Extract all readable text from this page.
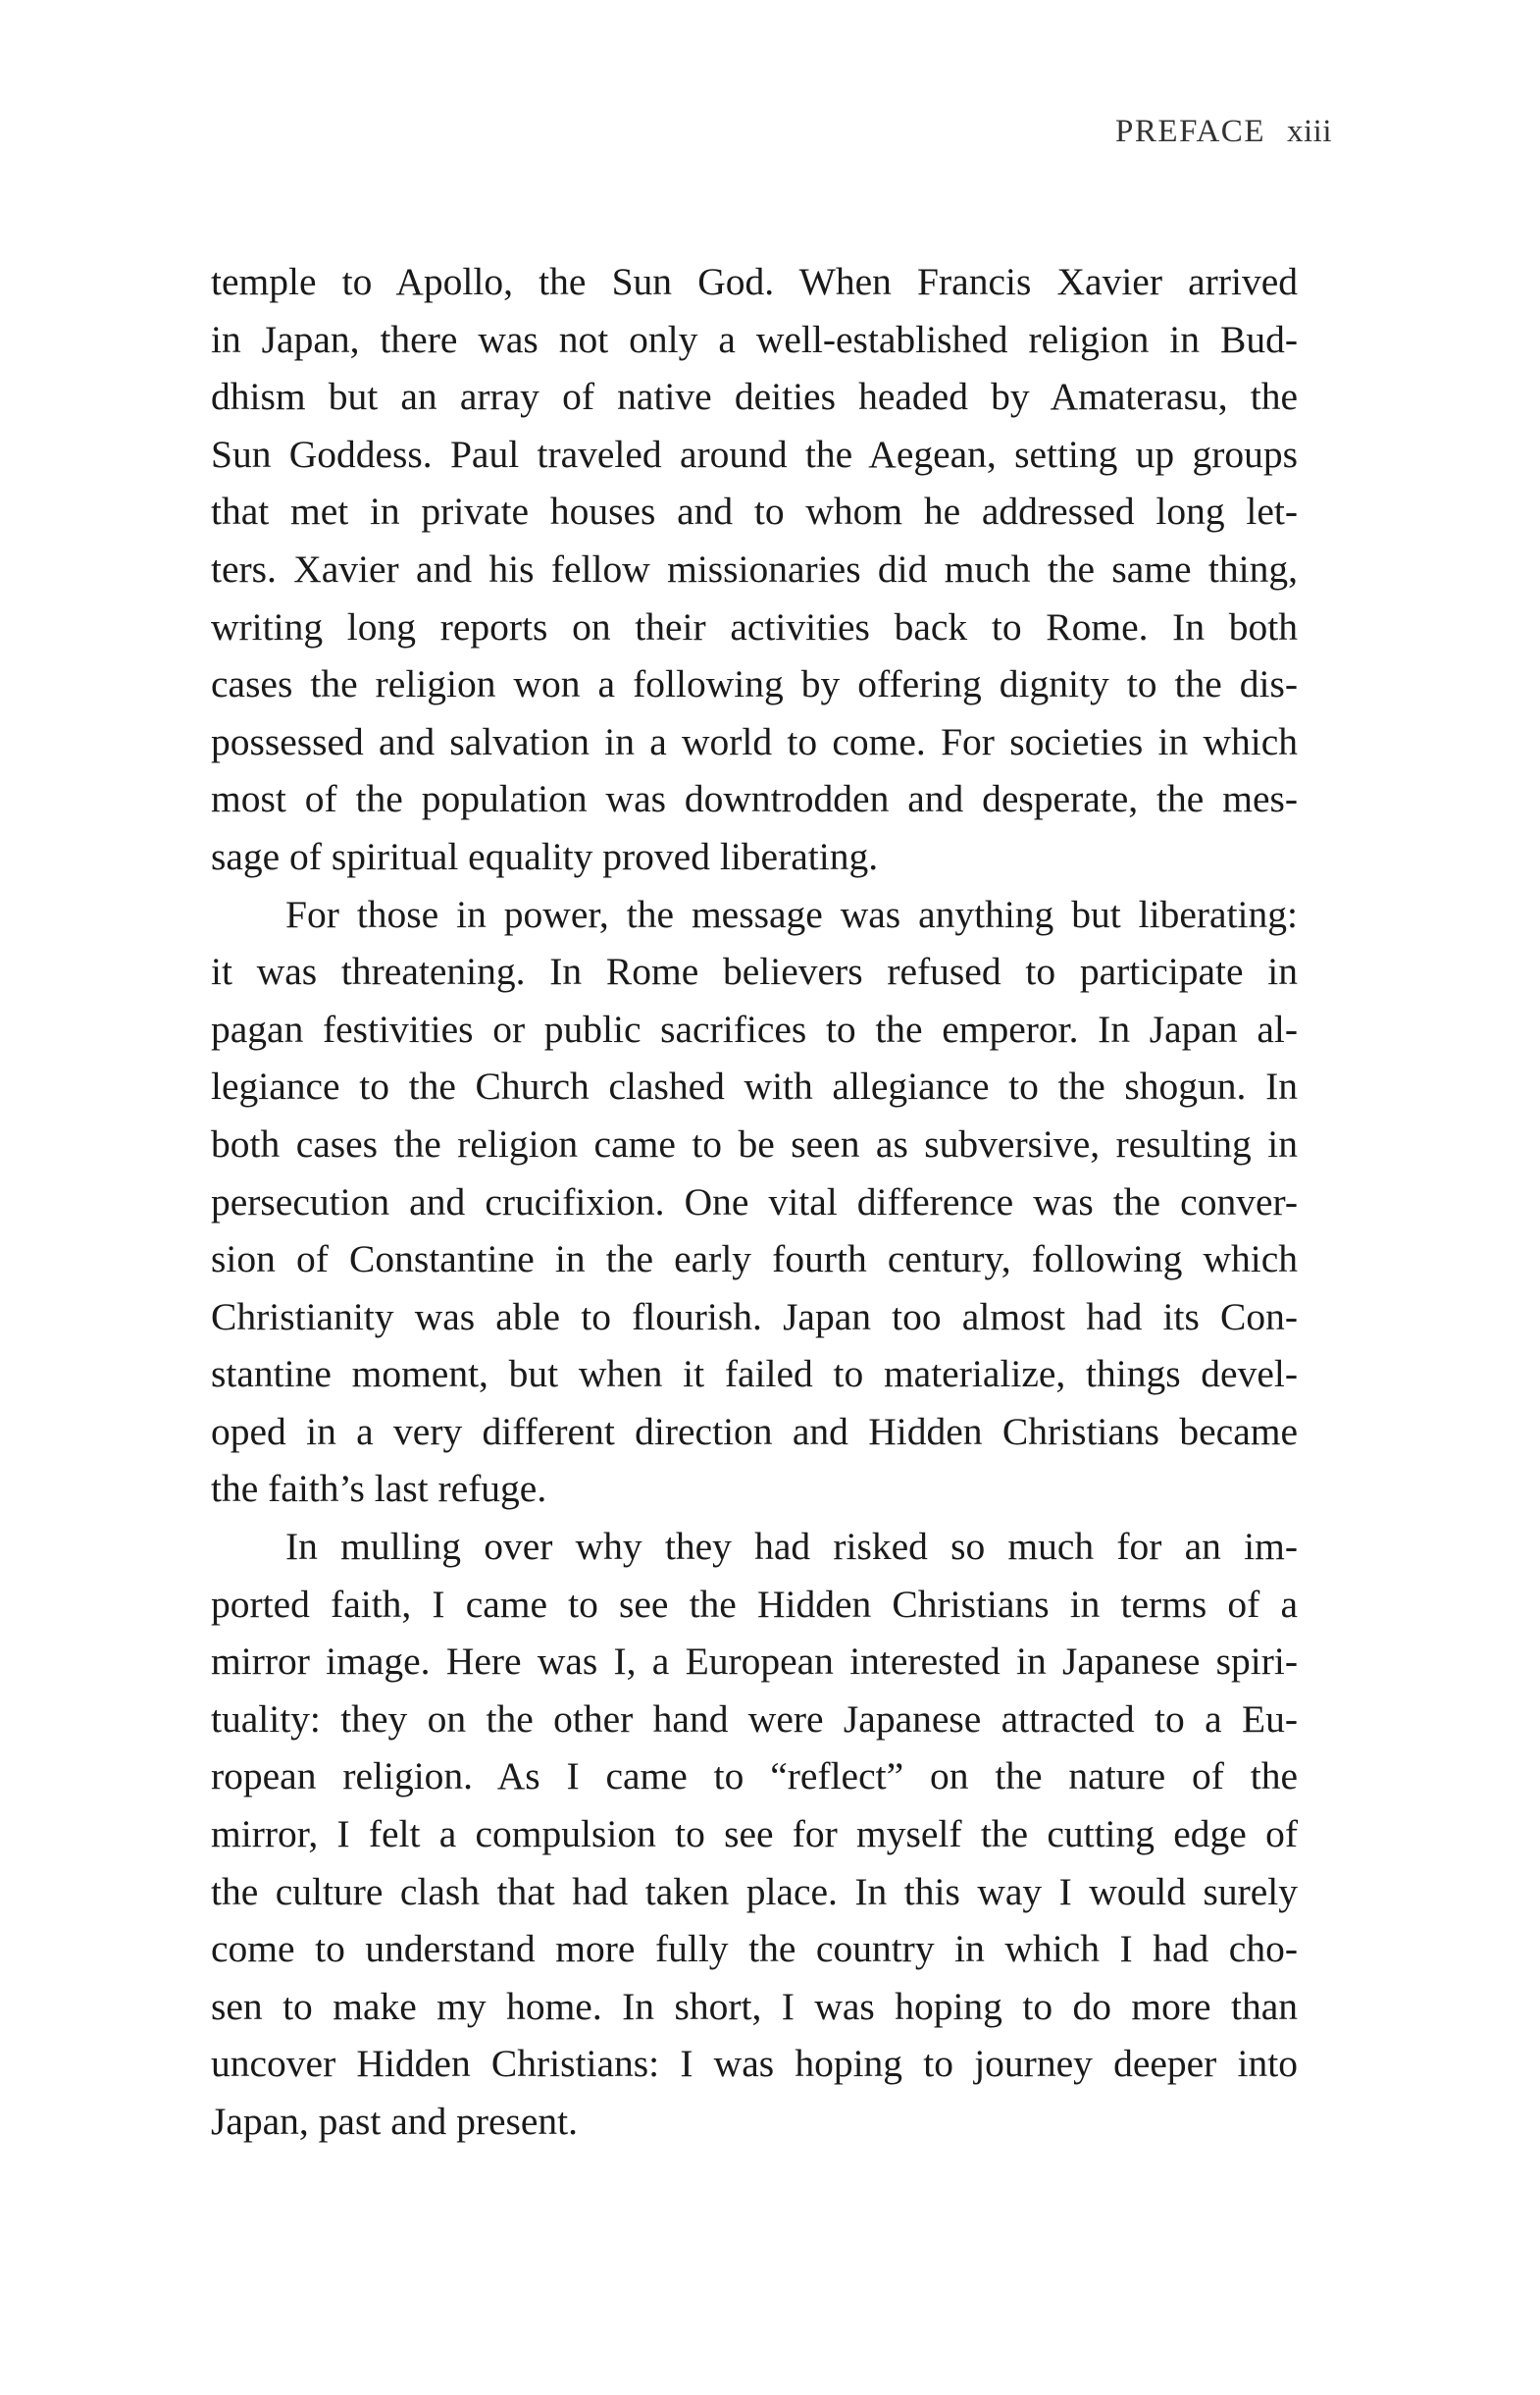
PREFACE xiii
temple to Apollo, the Sun God. When Francis Xavier arrived
in Japan, there was not only a well-established religion in Bud-
dhism but an array of native deities headed by Amaterasu, the
Sun Goddess. Paul traveled around the Aegean, setting up groups
that met in private houses and to whom he addressed long let-
ters. Xavier and his fellow missionaries did much the same thing,
writing long reports on their activities back to Rome. In both
cases the religion won a following by offering dignity to the dis-
possessed and salvation in a world to come. For societies in which
most of the population was downtrodden and desperate, the mes-
sage of spiritual equality proved liberating.
For those in power, the message was anything but liberating:
it was threatening. In Rome believers refused to participate in
pagan festivities or public sacrifices to the emperor. In Japan al-
legiance to the Church clashed with allegiance to the shogun. In
both cases the religion came to be seen as subversive, resulting in
persecution and crucifixion. One vital difference was the conver-
sion of Constantine in the early fourth century, following which
Christianity was able to flourish. Japan too almost had its Con-
stantine moment, but when it failed to materialize, things devel-
oped in a very different direction and Hidden Christians became
the faith’s last refuge.
In mulling over why they had risked so much for an im-
ported faith, I came to see the Hidden Christians in terms of a
mirror image. Here was I, a European interested in Japanese spiri-
tuality: they on the other hand were Japanese attracted to a Eu-
ropean religion. As I came to “reflect” on the nature of the
mirror, I felt a compulsion to see for myself the cutting edge of
the culture clash that had taken place. In this way I would surely
come to understand more fully the country in which I had cho-
sen to make my home. In short, I was hoping to do more than
uncover Hidden Christians: I was hoping to journey deeper into
Japan, past and present.
